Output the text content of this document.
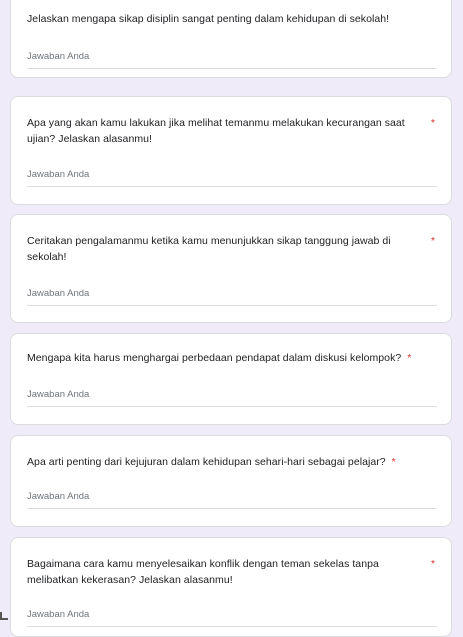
Jelaskan mengapa sikap disiplin sangat penting dalam kehidupan di sekolah!
Jawaban Anda
Apa yang akan kamu lakukan jika melihat temanmu melakukan kecurangan saat ujian? Jelaskan alasanmu!
*
Jawaban Anda
Ceritakan pengalamanmu ketika kamu menunjukkan sikap tanggung jawab di sekolah!
*
Jawaban Anda
Mengapa kita harus menghargai perbedaan pendapat dalam diskusi kelompok? *
Jawaban Anda
Apa arti penting dari kejujuran dalam kehidupan sehari-hari sebagai pelajar? *
Jawaban Anda
Bagaimana cara kamu menyelesaikan konflik dengan teman sekelas tanpa melibatkan kekerasan? Jelaskan alasanmu!
*
Jawaban Anda
